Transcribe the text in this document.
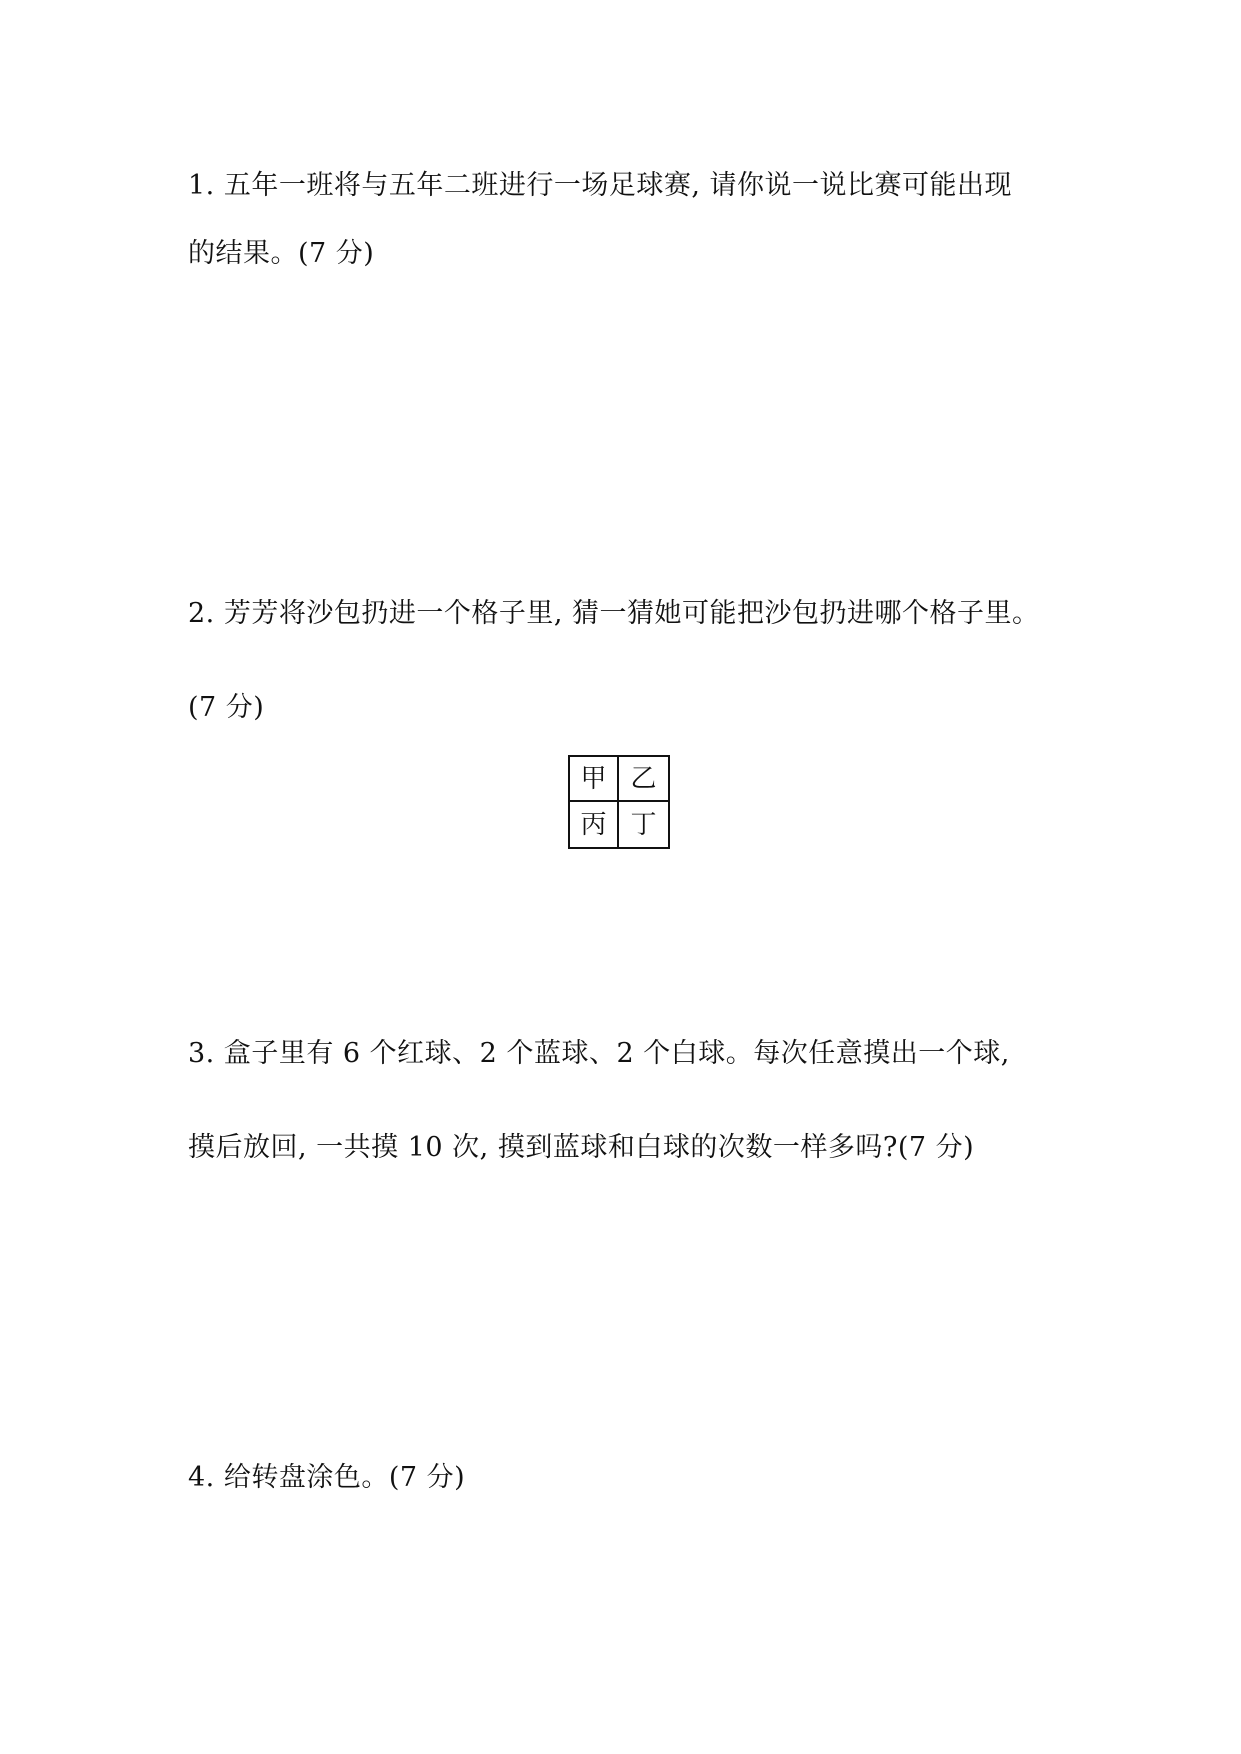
1. 五年一班将与五年二班进行一场足球赛, 请你说一说比赛可能出现
的结果。(7 分)
2. 芳芳将沙包扔进一个格子里, 猜一猜她可能把沙包扔进哪个格子里。
(7 分)
甲 乙
丙 丁
3. 盒子里有 6 个红球、2 个蓝球、2 个白球。每次任意摸出一个球,
摸后放回, 一共摸 10 次, 摸到蓝球和白球的次数一样多吗?(7 分)
4. 给转盘涂色。(7 分)
